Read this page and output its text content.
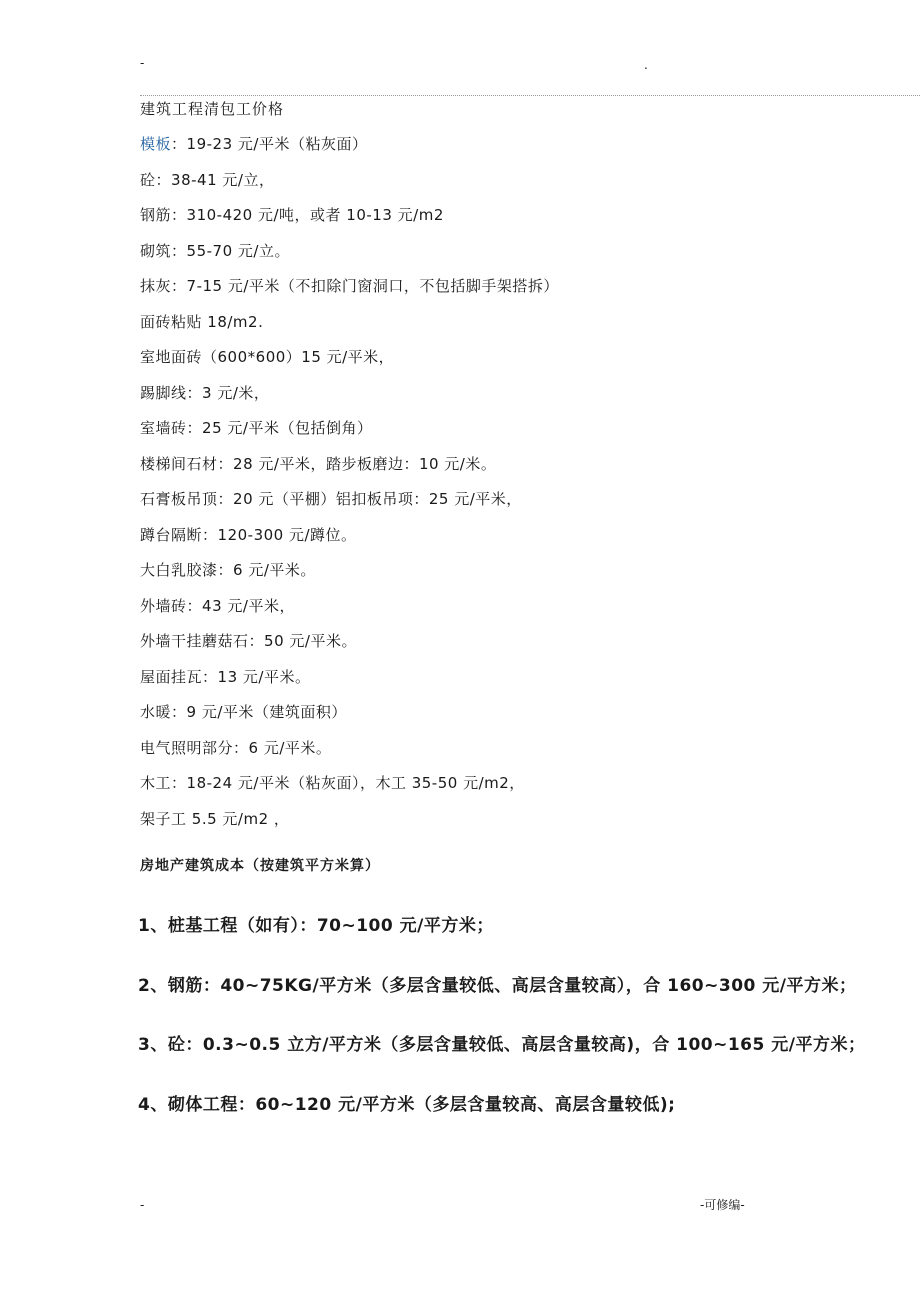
-	.
建筑工程清包工价格
模板：19-23 元/平米（粘灰面）
砼：38-41 元/立，
钢筋：310-420 元/吨，或者 10-13 元/m2
砌筑：55-70 元/立。
抹灰：7-15 元/平米（不扣除门窗洞口，不包括脚手架搭拆）
面砖粘贴 18/m2.
室地面砖（600*600）15 元/平米，
踢脚线：3 元/米，
室墙砖：25 元/平米（包括倒角）
楼梯间石材：28 元/平米，踏步板磨边：10 元/米。
石膏板吊顶：20 元（平棚）铝扣板吊项：25 元/平米，
蹲台隔断：120-300 元/蹲位。
大白乳胶漆：6 元/平米。
外墙砖：43 元/平米，
外墙干挂蘑菇石：50 元/平米。
屋面挂瓦：13 元/平米。
水暖：9 元/平米（建筑面积）
电气照明部分：6 元/平米。
木工：18-24 元/平米（粘灰面），木工 35-50 元/m2，
架子工 5.5 元/m2 ，
房地产建筑成本（按建筑平方米算）
1、桩基工程（如有）：70~100 元/平方米；
2、钢筋：40~75KG/平方米（多层含量较低、高层含量较高），合 160~300 元/平方米；
3、砼：0.3~0.5 立方/平方米（多层含量较低、高层含量较高)，合 100~165 元/平方米；
4、砌体工程：60~120 元/平方米（多层含量较高、高层含量较低);
-	-可修编-
